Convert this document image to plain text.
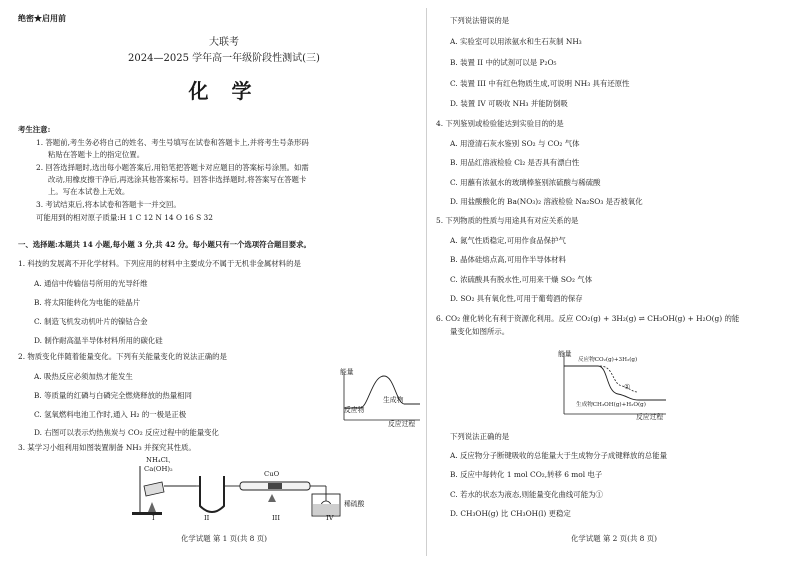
绝密★启用前
大联考
2024—2025 学年高一年级阶段性测试(三)
化 学
考生注意:
1. 答题前,考生务必将自己的姓名、考生号填写在试卷和答题卡上,并将考生号条形码
粘贴在答题卡上的指定位置。
2. 回答选择题时,选出每小题答案后,用铅笔把答题卡对应题目的答案标号涂黑。如需
改动,用橡皮擦干净后,再选涂其他答案标号。回答非选择题时,将答案写在答题卡
上。写在本试卷上无效。
3. 考试结束后,将本试卷和答题卡一并交回。
可能用到的相对原子质量:H 1 C 12 N 14 O 16 S 32
一、选择题:本题共 14 小题,每小题 3 分,共 42 分。每小题只有一个选项符合题目要求。
1. 科技的发展离不开化学材料。下列应用的材料中主要成分不属于无机非金属材料的是
A. 通信中传输信号所用的光导纤维
B. 将太阳能转化为电能的硅晶片
C. 制造飞机发动机叶片的镍钴合金
D. 制作耐高温半导体材料所用的碳化硅
2. 物质变化伴随着能量变化。下列有关能量变化的说法正确的是
A. 吸热反应必须加热才能发生
B. 等质量的红磷与白磷完全燃烧释放的热量相同
C. 氢氧燃料电池工作时,通入 H₂ 的一极是正极
D. 右图可以表示灼热焦炭与 CO₂ 反应过程中的能量变化
能量
反应物
生成物
反应过程
3. 某学习小组利用如图装置制备 NH₃ 并探究其性质。
NH₄Cl、
Ca(OH)₂
CuO
稀硫酸
I	II	III	IV
化学试题 第 1 页(共 8 页)
下列说法错误的是
A. 实验室可以用浓氨水和生石灰制 NH₃
B. 装置 II 中的试剂可以是 P₂O₅
C. 装置 III 中有红色物质生成,可说明 NH₃ 具有还原性
D. 装置 IV 可吸收 NH₃ 并能防倒吸
4. 下列鉴别或检验能达到实验目的的是
A. 用澄清石灰水鉴别 SO₂ 与 CO₂ 气体
B. 用品红溶液检验 Cl₂ 是否具有漂白性
C. 用蘸有浓氨水的玻璃棒鉴别浓硫酸与稀硫酸
D. 用盐酸酸化的 Ba(NO₃)₂ 溶液检验 Na₂SO₃ 是否被氧化
5. 下列物质的性质与用途具有对应关系的是
A. 氮气性质稳定,可用作食品保护气
B. 晶体硅熔点高,可用作半导体材料
C. 浓硫酸具有脱水性,可用来干燥 SO₂ 气体
D. SO₂ 具有氧化性,可用于葡萄酒的保存
6. CO₂ 催化转化有利于资源化利用。反应 CO₂(g) + 3H₂(g) ⇌ CH₃OH(g) + H₂O(g) 的能
量变化如图所示。
能量
反应物CO₂(g)+3H₂(g)
①
生成物CH₃OH(g)+H₂O(g)
反应过程
下列说法正确的是
A. 反应物分子断键吸收的总能量大于生成物分子成键释放的总能量
B. 反应中每转化 1 mol CO₂,转移 6 mol 电子
C. 若水的状态为液态,则能量变化曲线可能为①
D. CH₃OH(g) 比 CH₃OH(l) 更稳定
化学试题 第 2 页(共 8 页)
